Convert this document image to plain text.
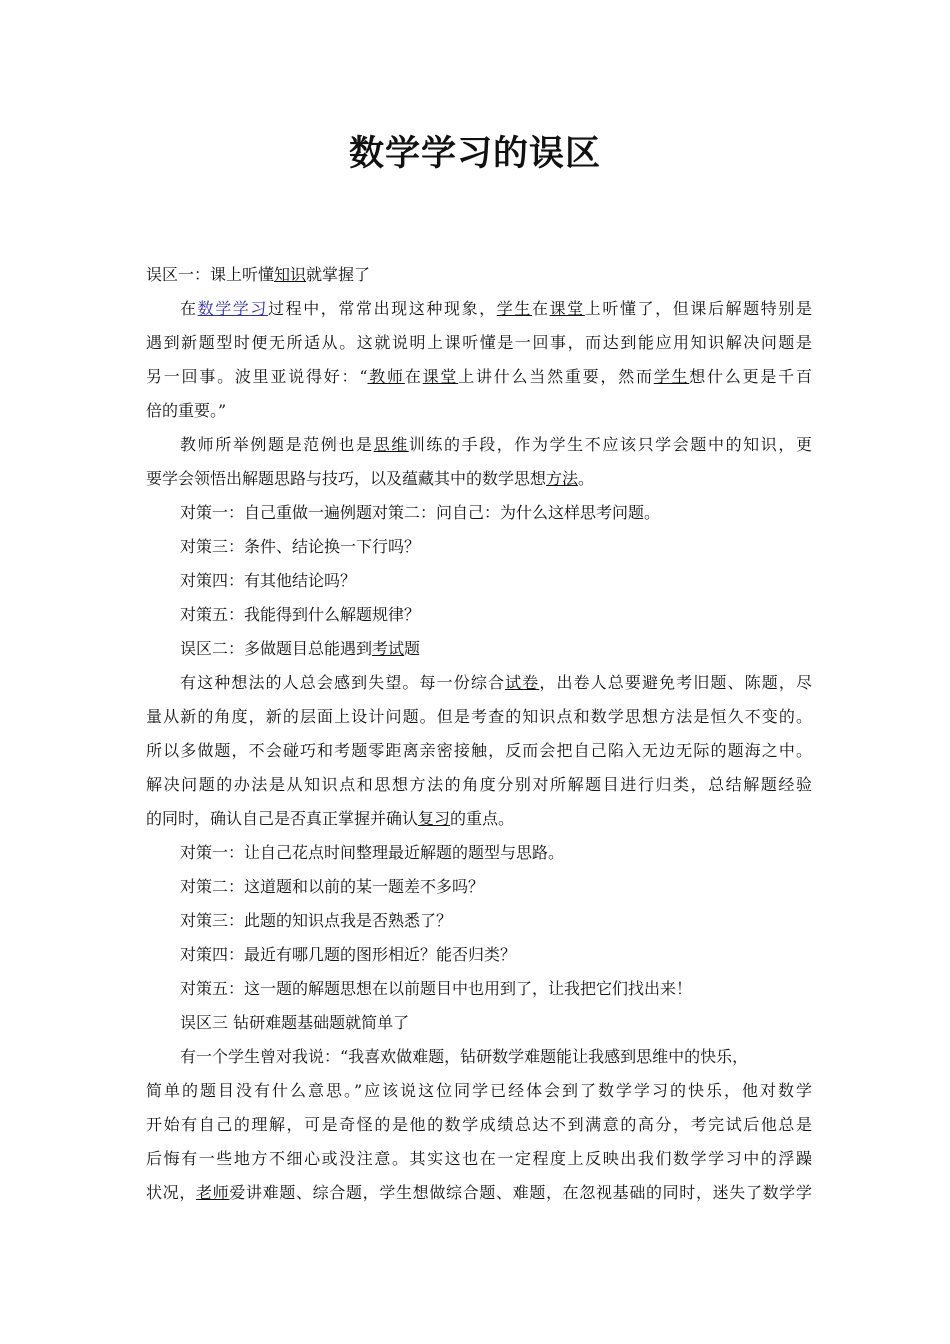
数学学习的误区
误区一：课上听懂知识就掌握了
在数学学习过程中，常常出现这种现象，学生在课堂上听懂了，但课后解题特别是
遇到新题型时便无所适从。这就说明上课听懂是一回事，而达到能应用知识解决问题是
另一回事。波里亚说得好：“教师在课堂上讲什么当然重要，然而学生想什么更是千百
倍的重要。”
教师所举例题是范例也是思维训练的手段，作为学生不应该只学会题中的知识，更
要学会领悟出解题思路与技巧，以及蕴藏其中的数学思想方法。
对策一：自己重做一遍例题对策二：问自己：为什么这样思考问题。
对策三：条件、结论换一下行吗？
对策四：有其他结论吗？
对策五：我能得到什么解题规律？
误区二：多做题目总能遇到考试题
有这种想法的人总会感到失望。每一份综合试卷，出卷人总要避免考旧题、陈题，尽
量从新的角度，新的层面上设计问题。但是考查的知识点和数学思想方法是恒久不变的。
所以多做题，不会碰巧和考题零距离亲密接触，反而会把自己陷入无边无际的题海之中。
解决问题的办法是从知识点和思想方法的角度分别对所解题目进行归类，总结解题经验
的同时，确认自己是否真正掌握并确认复习的重点。
对策一：让自己花点时间整理最近解题的题型与思路。
对策二：这道题和以前的某一题差不多吗？
对策三：此题的知识点我是否熟悉了？
对策四：最近有哪几题的图形相近？能否归类？
对策五：这一题的解题思想在以前题目中也用到了，让我把它们找出来！
误区三 钻研难题基础题就简单了
有一个学生曾对我说：“我喜欢做难题，钻研数学难题能让我感到思维中的快乐，
简单的题目没有什么意思。”应该说这位同学已经体会到了数学学习的快乐，他对数学
开始有自己的理解，可是奇怪的是他的数学成绩总达不到满意的高分，考完试后他总是
后悔有一些地方不细心或没注意。其实这也在一定程度上反映出我们数学学习中的浮躁
状况，老师爱讲难题、综合题，学生想做综合题、难题，在忽视基础的同时，迷失了数学学
